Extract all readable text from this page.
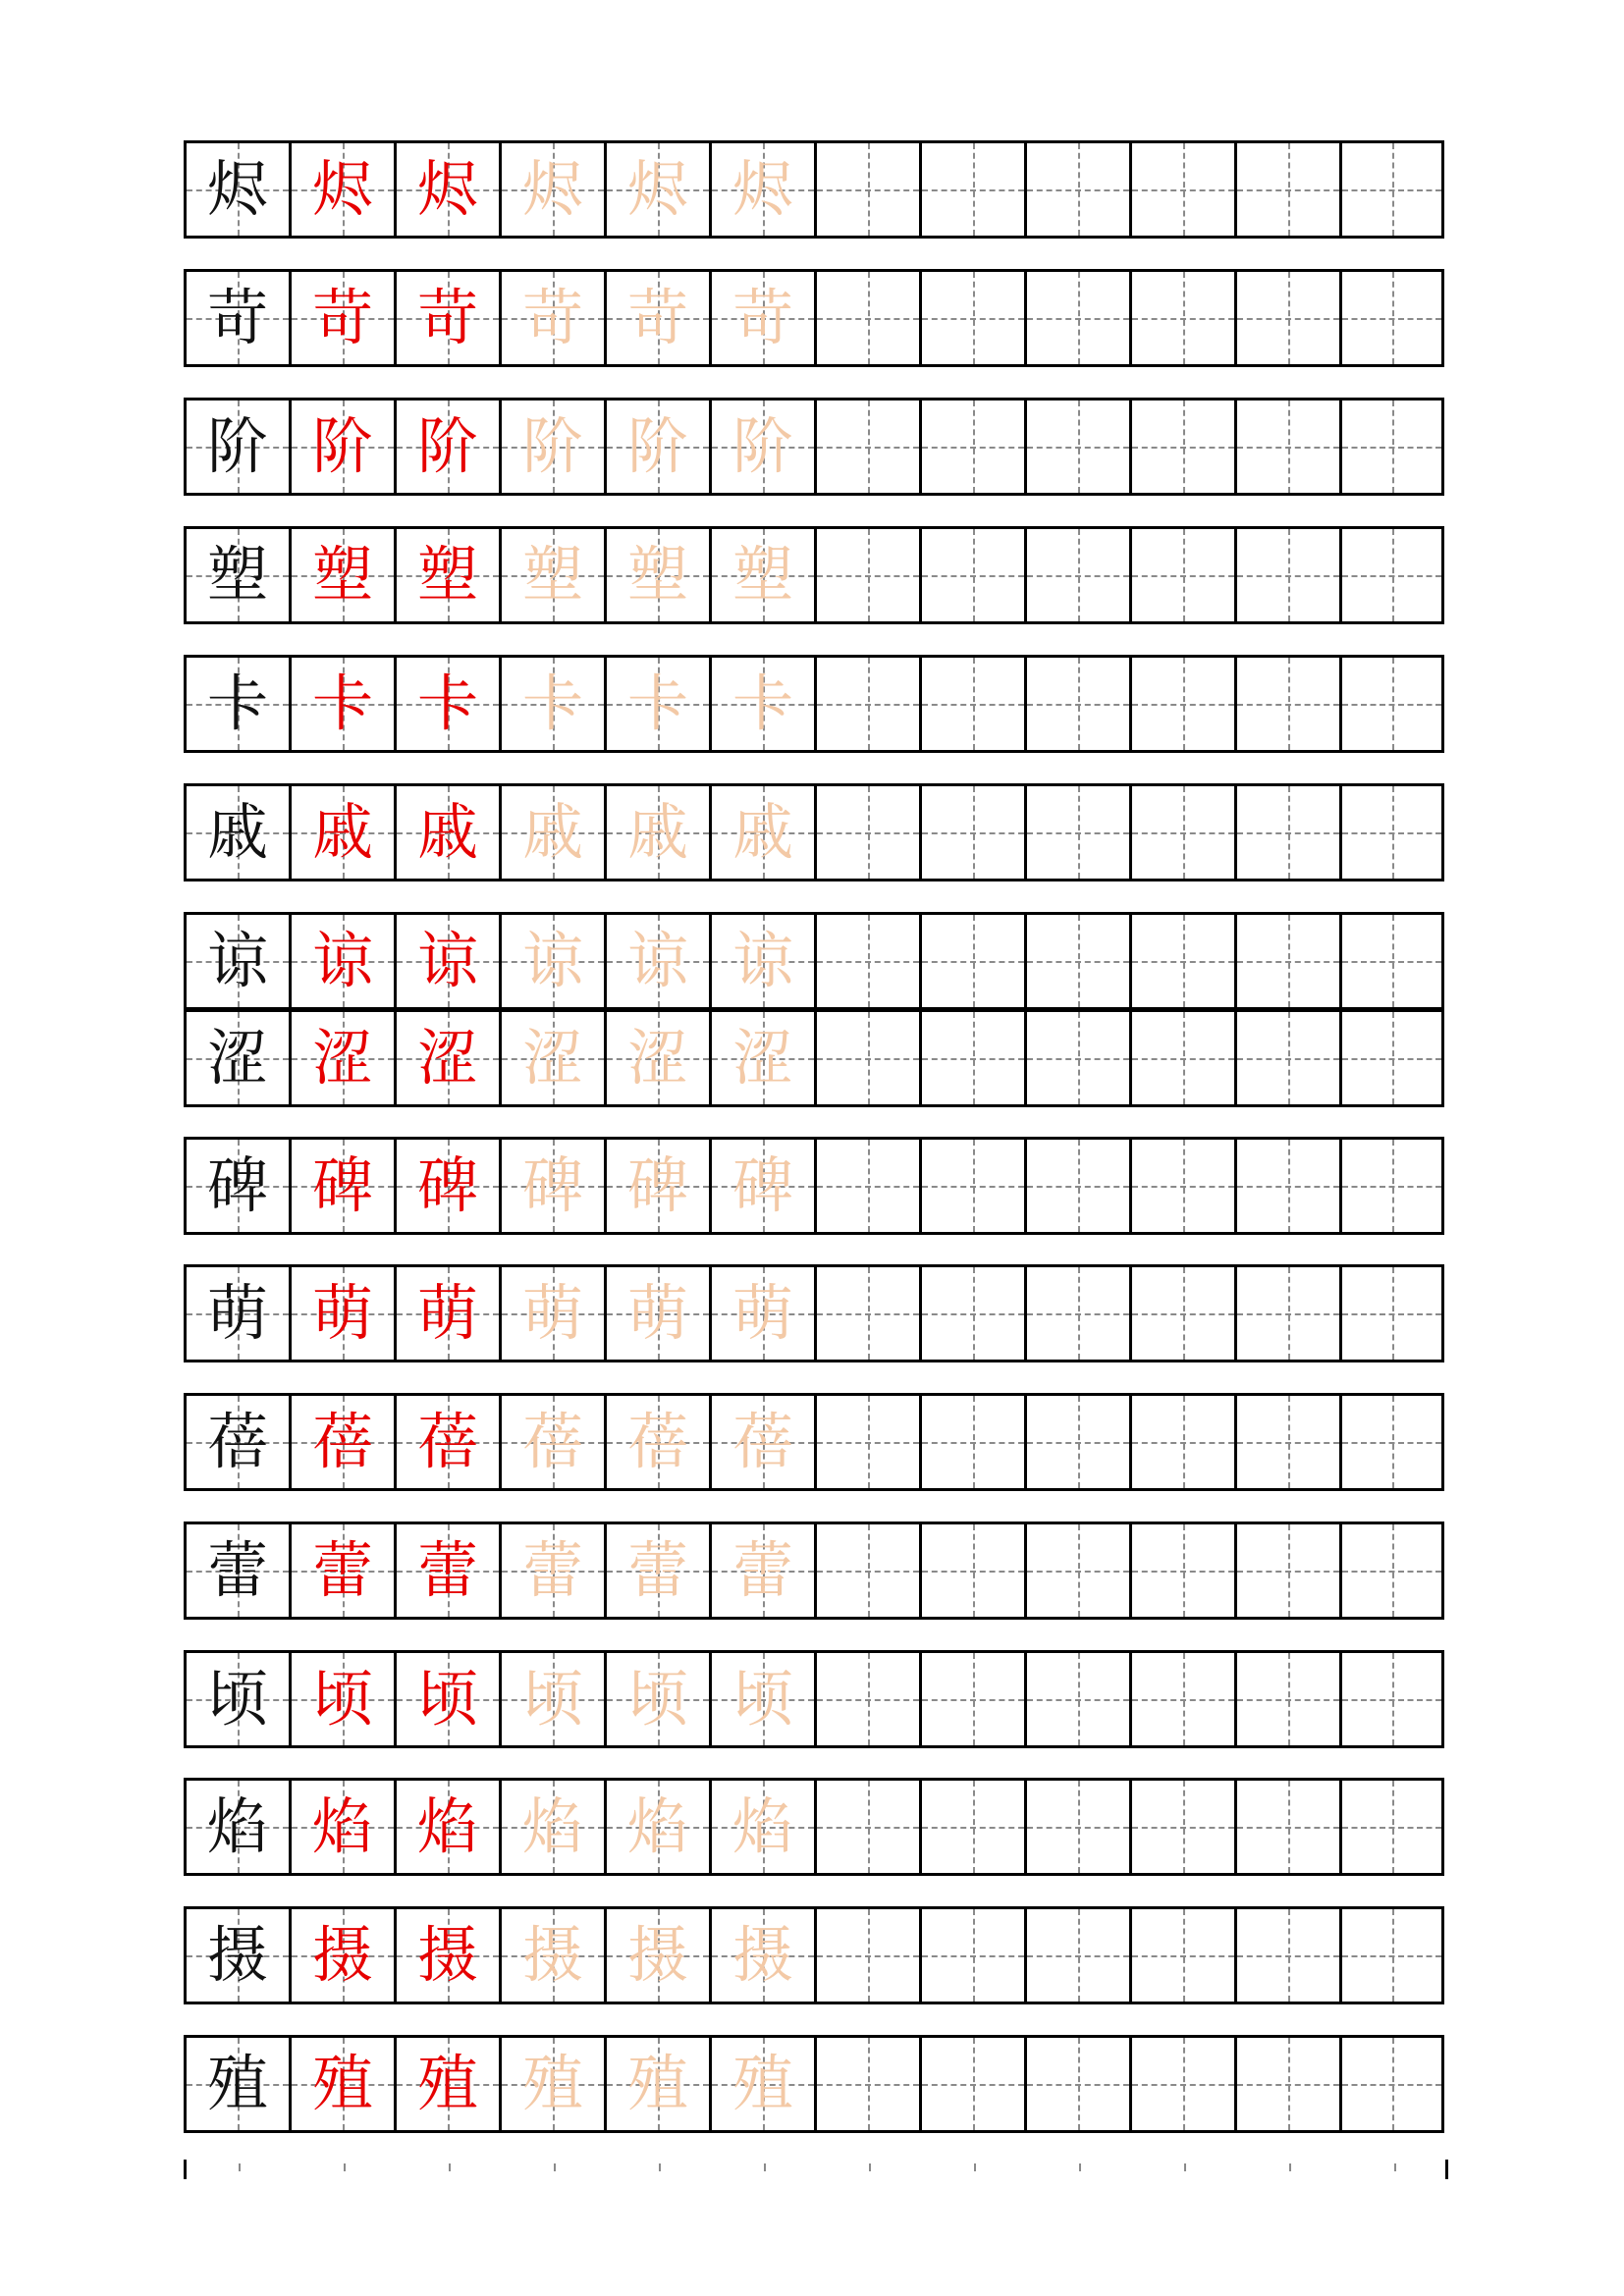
烬 烬 烬 烬 烬 烬
苛 苛 苛 苛 苛 苛
阶 阶 阶 阶 阶 阶
塑 塑 塑 塑 塑 塑
卡 卡 卡 卡 卡 卡
戚 戚 戚 戚 戚 戚
谅 谅 谅 谅 谅 谅
涩 涩 涩 涩 涩 涩
碑 碑 碑 碑 碑 碑
萌 萌 萌 萌 萌 萌
蓓 蓓 蓓 蓓 蓓 蓓
蕾 蕾 蕾 蕾 蕾 蕾
顷 顷 顷 顷 顷 顷
焰 焰 焰 焰 焰 焰
摄 摄 摄 摄 摄 摄
殖 殖 殖 殖 殖 殖
